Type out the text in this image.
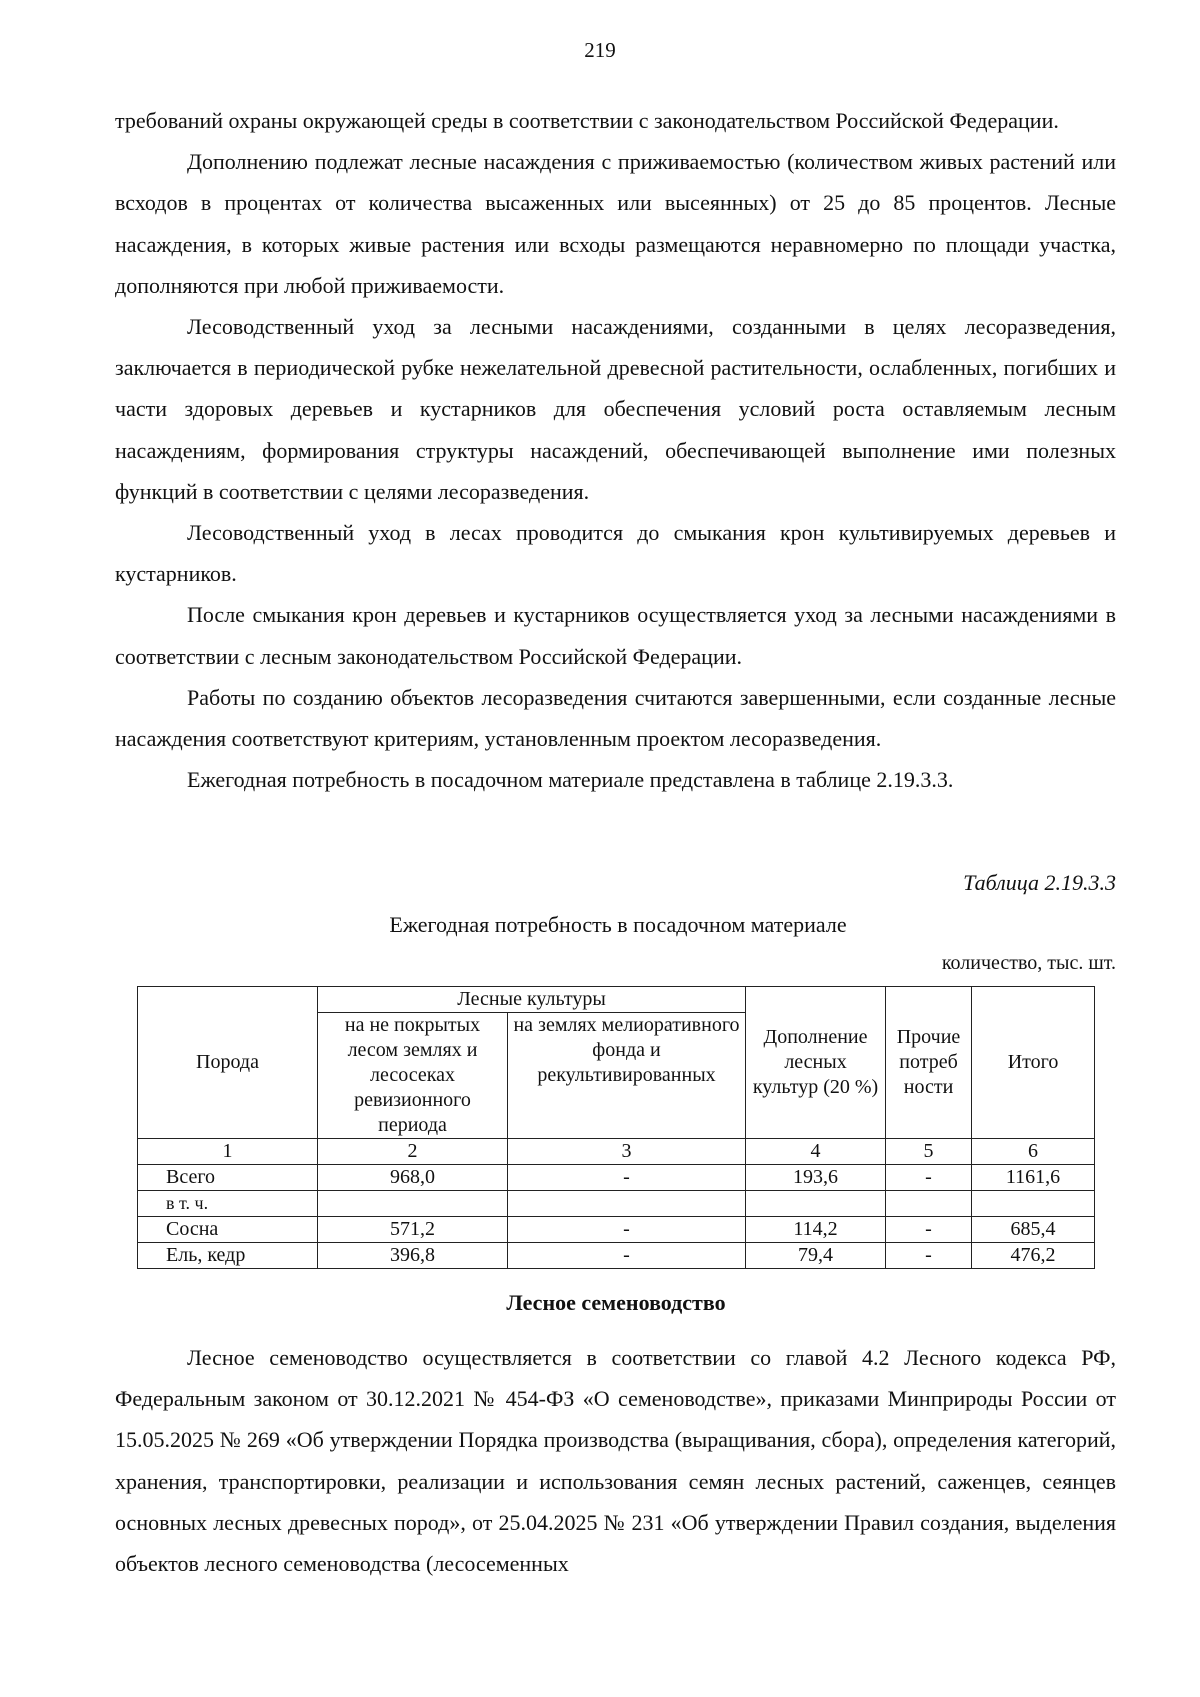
219

требований охраны окружающей среды в соответствии с законодательством Российской Федерации.

Дополнению подлежат лесные насаждения с приживаемостью (количеством живых растений или всходов в процентах от количества высаженных или высеянных) от 25 до 85 процентов. Лесные насаждения, в которых живые растения или всходы размещаются неравномерно по площади участка, дополняются при любой приживаемости.

Лесоводственный уход за лесными насаждениями, созданными в целях лесоразведения, заключается в периодической рубке нежелательной древесной растительности, ослабленных, погибших и части здоровых деревьев и кустарников для обеспечения условий роста оставляемым лесным насаждениям, формирования структуры насаждений, обеспечивающей выполнение ими полезных функций в соответствии с целями лесоразведения.

Лесоводственный уход в лесах проводится до смыкания крон культивируемых деревьев и кустарников.

После смыкания крон деревьев и кустарников осуществляется уход за лесными насаждениями в соответствии с лесным законодательством Российской Федерации.

Работы по созданию объектов лесоразведения считаются завершенными, если созданные лесные насаждения соответствуют критериям, установленным проектом лесоразведения.

Ежегодная потребность в посадочном материале представлена в таблице 2.19.3.3.

Таблица 2.19.3.3
Ежегодная потребность в посадочном материале
количество, тыс. шт.
Порода	Лесные культуры		Дополнение лесных культур (20 %)	Прочие потреб ности	Итого
	на не покрытых лесом землях и лесосеках ревизионного периода	на землях мелиоративного фонда и рекультивированных			
1	2	3	4	5	6
Всего	968,0	-	193,6	-	1161,6
в т. ч.					
Сосна	571,2	-	114,2	-	685,4
Ель, кедр	396,8	-	79,4	-	476,2
Лесное семеноводство

Лесное семеноводство осуществляется в соответствии со главой 4.2 Лесного кодекса РФ, Федеральным законом от 30.12.2021 № 454-ФЗ «О семеноводстве», приказами Минприроды России от 15.05.2025 № 269 «Об утверждении Порядка производства (выращивания, сбора), определения категорий, хранения, транспортировки, реализации и использования семян лесных растений, саженцев, сеянцев основных лесных древесных пород», от 25.04.2025 № 231 «Об утверждении Правил создания, выделения объектов лесного семеноводства (лесосеменных
